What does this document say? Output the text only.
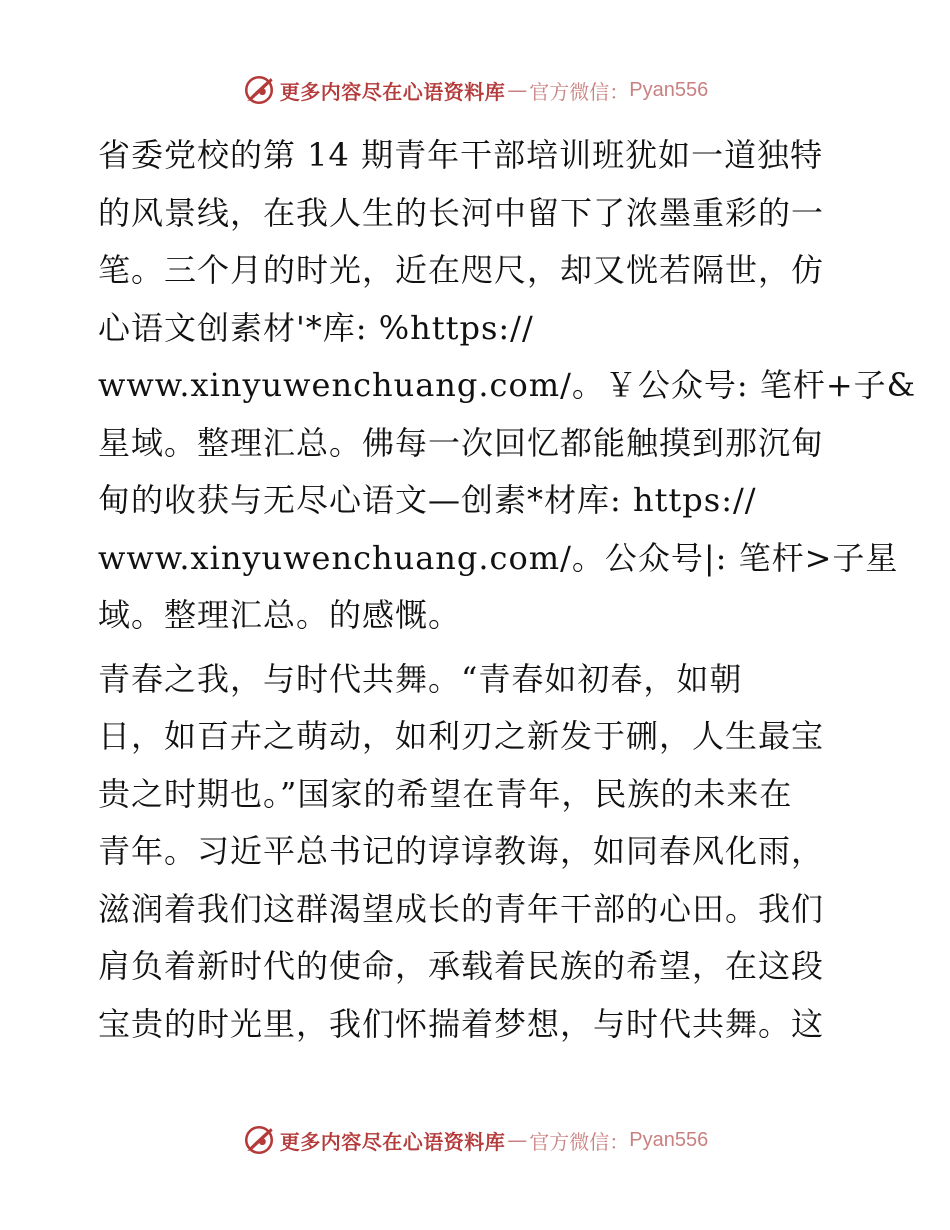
更多内容尽在心语资料库 — 官方微信： Pyan556

省委党校的第 14 期青年干部培训班犹如一道独特
的风景线，在我人生的长河中留下了浓墨重彩的一
笔。三个月的时光，近在咫尺，却又恍若隔世，仿
心语文创素材'*库: %https://
www.xinyuwenchuang.com/。￥公众号: 笔杆+子&
星域。整理汇总。佛每一次回忆都能触摸到那沉甸
甸的收获与无尽心语文—创素*材库: https://
www.xinyuwenchuang.com/。公众号|: 笔杆>子星
域。整理汇总。的感慨。

青春之我，与时代共舞。“青春如初春，如朝
日，如百卉之萌动，如利刃之新发于硎，人生最宝
贵之时期也。”国家的希望在青年，民族的未来在
青年。习近平总书记的谆谆教诲，如同春风化雨，
滋润着我们这群渴望成长的青年干部的心田。我们
肩负着新时代的使命，承载着民族的希望，在这段
宝贵的时光里，我们怀揣着梦想，与时代共舞。这

更多内容尽在心语资料库 — 官方微信： Pyan556
